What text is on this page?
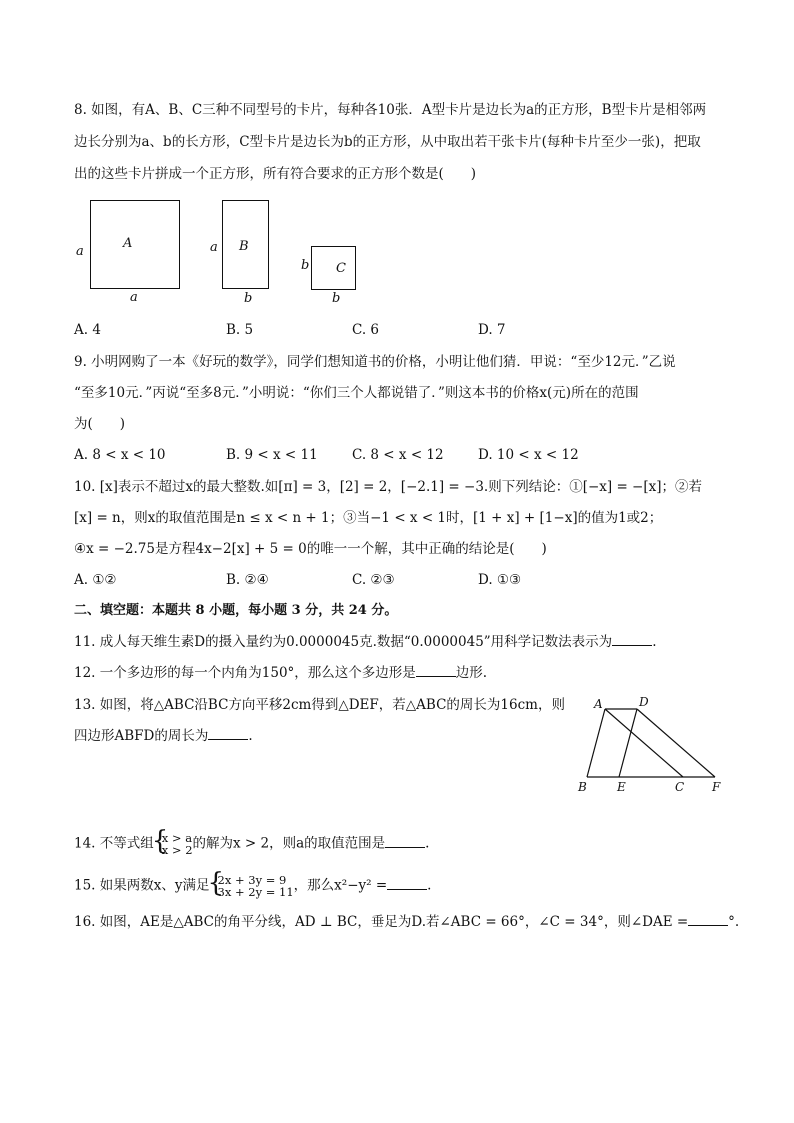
8. 如图，有A、B、C三种不同型号的卡片，每种各10张．A型卡片是边长为a的正方形，B型卡片是相邻两
边长分别为a、b的长方形，C型卡片是边长为b的正方形，从中取出若干张卡片(每种卡片至少一张)，把取
出的这些卡片拼成一个正方形，所有符合要求的正方形个数是(　　)
A
a
a
B
a
b
C
b
b
A. 4	B. 5	C. 6	D. 7
9. 小明网购了一本《好玩的数学》，同学们想知道书的价格，小明让他们猜．甲说：“至少12元．”乙说
“至多10元．”丙说“至多8元．”小明说：“你们三个人都说错了．”则这本书的价格x(元)所在的范围
为(　　)
A. 8 < x < 10	B. 9 < x < 11	C. 8 < x < 12	D. 10 < x < 12
10. [x]表示不超过x的最大整数.如[π] = 3，[2] = 2，[−2.1] = −3.则下列结论：①[−x] = −[x]；②若
[x] = n，则x的取值范围是n ≤ x < n + 1；③当−1 < x < 1时，[1 + x] + [1−x]的值为1或2；
④x = −2.75是方程4x−2[x] + 5 = 0的唯一一个解，其中正确的结论是(　　)
A. ①②	B. ②④	C. ②③	D. ①③
二、填空题：本题共 8 小题，每小题 3 分，共 24 分。
11. 成人每天维生素D的摄入量约为0.0000045克.数据“0.0000045”用科学记数法表示为	.
12. 一个多边形的每一个内角为150°，那么这个多边形是	边形.
13. 如图，将△ABC沿BC方向平移2cm得到△DEF，若△ABC的周长为16cm，则
四边形ABFD的周长为	.
A	D
B	E	C F
14. 不等式组 { x > a
x > 2 的解为x > 2，则a的取值范围是	.
15. 如果两数x、y满足 { 2x + 3y = 9
3x + 2y = 11 ，那么x²−y² =	.
16. 如图，AE是△ABC的角平分线，AD ⊥ BC，垂足为D.若∠ABC = 66°，∠C = 34°，则∠DAE =	°.
